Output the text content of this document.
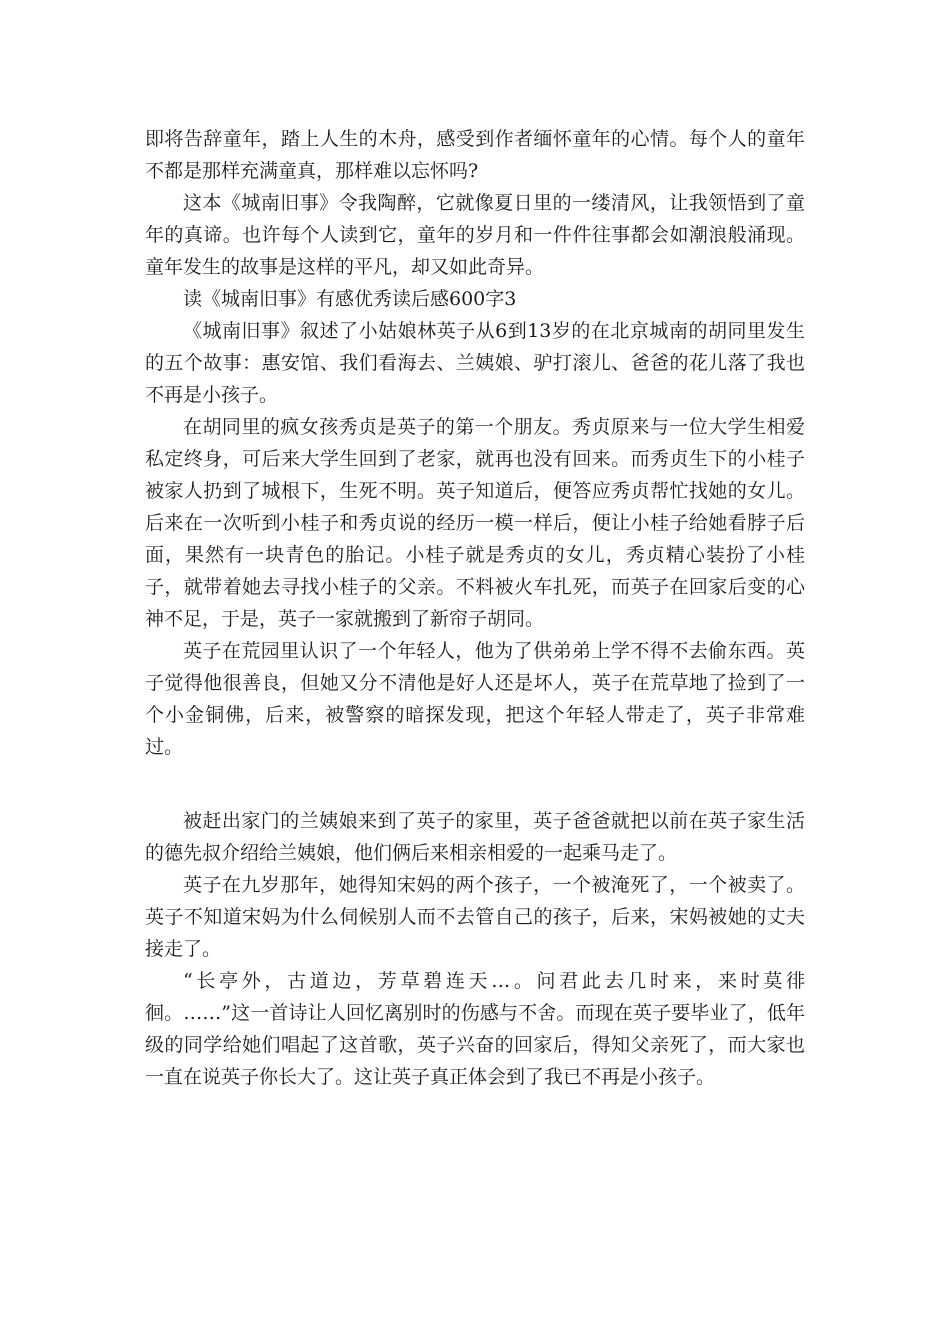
即将告辞童年，踏上人生的木舟，感受到作者缅怀童年的心情。每个人的童年不都是那样充满童真，那样难以忘怀吗?

这本《城南旧事》令我陶醉，它就像夏日里的一缕清风，让我领悟到了童年的真谛。也许每个人读到它，童年的岁月和一件件往事都会如潮浪般涌现。童年发生的故事是这样的平凡，却又如此奇异。

读《城南旧事》有感优秀读后感600字3

《城南旧事》叙述了小姑娘林英子从6到13岁的在北京城南的胡同里发生的五个故事：惠安馆、我们看海去、兰姨娘、驴打滚儿、爸爸的花儿落了我也不再是小孩子。

在胡同里的疯女孩秀贞是英子的第一个朋友。秀贞原来与一位大学生相爱私定终身，可后来大学生回到了老家，就再也没有回来。而秀贞生下的小桂子被家人扔到了城根下，生死不明。英子知道后，便答应秀贞帮忙找她的女儿。后来在一次听到小桂子和秀贞说的经历一模一样后，便让小桂子给她看脖子后面，果然有一块青色的胎记。小桂子就是秀贞的女儿，秀贞精心装扮了小桂子，就带着她去寻找小桂子的父亲。不料被火车扎死，而英子在回家后变的心神不足，于是，英子一家就搬到了新帘子胡同。

英子在荒园里认识了一个年轻人，他为了供弟弟上学不得不去偷东西。英子觉得他很善良，但她又分不清他是好人还是坏人，英子在荒草地了捡到了一个小金铜佛，后来，被警察的暗探发现，把这个年轻人带走了，英子非常难过。

被赶出家门的兰姨娘来到了英子的家里，英子爸爸就把以前在英子家生活的德先叔介绍给兰姨娘，他们俩后来相亲相爱的一起乘马走了。

英子在九岁那年，她得知宋妈的两个孩子，一个被淹死了，一个被卖了。英子不知道宋妈为什么伺候别人而不去管自己的孩子，后来，宋妈被她的丈夫接走了。

“长亭外，古道边，芳草碧连天…。问君此去几时来，来时莫徘徊。……”这一首诗让人回忆离别时的伤感与不舍。而现在英子要毕业了，低年级的同学给她们唱起了这首歌，英子兴奋的回家后，得知父亲死了，而大家也一直在说英子你长大了。这让英子真正体会到了我已不再是小孩子。
